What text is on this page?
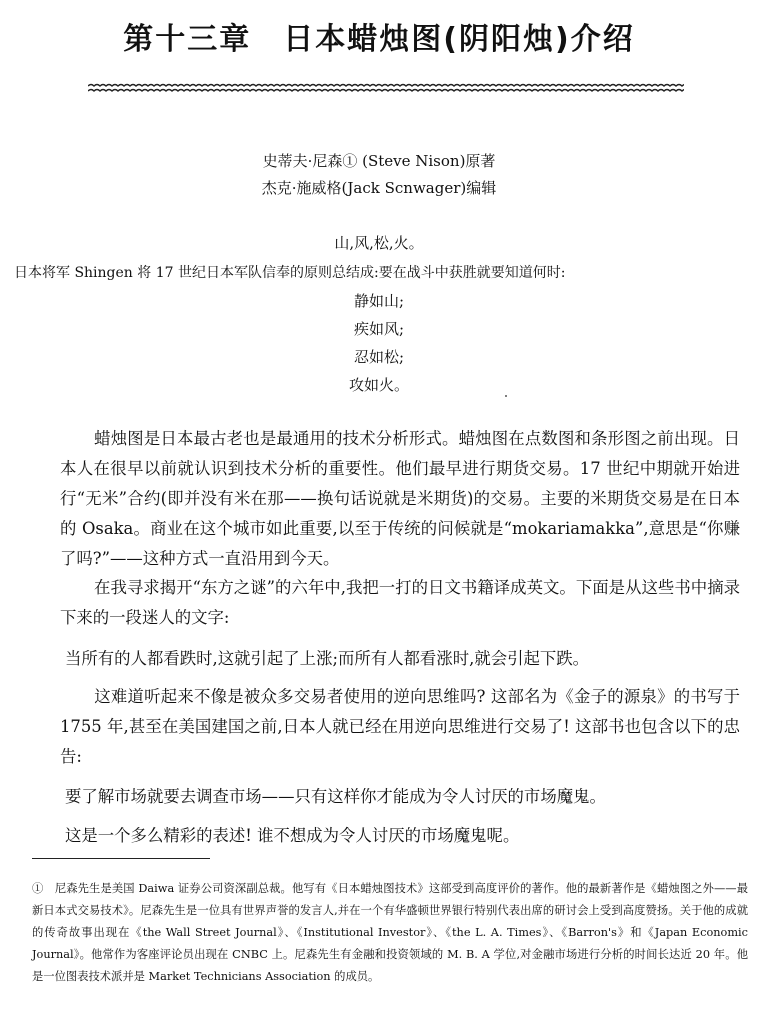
第十三章　日本蜡烛图(阴阳烛)介绍
史蒂夫·尼森① (Steve Nison)原著
杰克·施威格(Jack Scnwager)编辑
山,风,松,火。
日本将军 Shingen 将 17 世纪日本军队信奉的原则总结成:要在战斗中获胜就要知道何时:
静如山;
疾如风;
忍如松;
攻如火。
蜡烛图是日本最古老也是最通用的技术分析形式。蜡烛图在点数图和条形图之前出现。日本人在很早以前就认识到技术分析的重要性。他们最早进行期货交易。17 世纪中期就开始进行“无米”合约(即并没有米在那——换句话说就是米期货)的交易。主要的米期货交易是在日本的 Osaka。商业在这个城市如此重要,以至于传统的问候就是“mokariamakka”,意思是“你赚了吗?”——这种方式一直沿用到今天。
在我寻求揭开“东方之谜”的六年中,我把一打的日文书籍译成英文。下面是从这些书中摘录下来的一段迷人的文字:
当所有的人都看跌时,这就引起了上涨;而所有人都看涨时,就会引起下跌。
这难道听起来不像是被众多交易者使用的逆向思维吗? 这部名为《金子的源泉》的书写于 1755 年,甚至在美国建国之前,日本人就已经在用逆向思维进行交易了! 这部书也包含以下的忠告:
要了解市场就要去调查市场——只有这样你才能成为令人讨厌的市场魔鬼。
这是一个多么精彩的表述! 谁不想成为令人讨厌的市场魔鬼呢。
①　尼森先生是美国 Daiwa 证券公司资深副总裁。他写有《日本蜡烛图技术》这部受到高度评价的著作。他的最新著作是《蜡烛图之外——最新日本式交易技术》。尼森先生是一位具有世界声誉的发言人,并在一个有华盛顿世界银行特别代表出席的研讨会上受到高度赞扬。关于他的成就的传奇故事出现在《the Wall Street Journal》、《Institutional Investor》、《the L. A. Times》、《Barron's》和《Japan Economic Journal》。他常作为客座评论员出现在 CNBC 上。尼森先生有金融和投资领域的 M. B. A 学位,对金融市场进行分析的时间长达近 20 年。他是一位图表技术派并是 Market Technicians Association 的成员。
